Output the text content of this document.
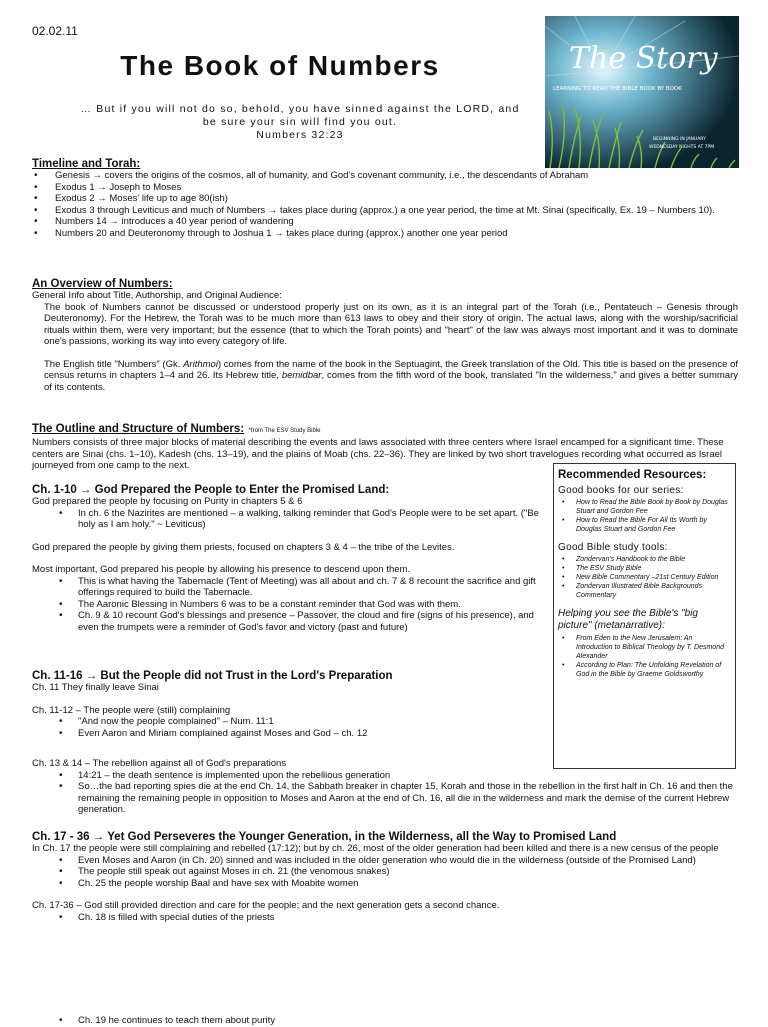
02.02.11
The Book of Numbers
… But if you will not do so, behold, you have sinned against the LORD, and
be sure your sin will find you out.
Numbers 32:23
The Story
LEARNING TO READ THE BIBLE BOOK BY BOOK
BEGINNING IN JANUARY
WEDNESDAY NIGHTS AT 7PM
Timeline and Torah:
• Genesis → covers the origins of the cosmos, all of humanity, and God's covenant community, i.e., the descendants of Abraham
• Exodus 1 → Joseph to Moses
• Exodus 2 → Moses' life up to age 80(ish)
• Exodus 3 through Leviticus and much of Numbers → takes place during (approx.) a one year period, the time at Mt. Sinai (specifically, Ex. 19 – Numbers 10).
• Numbers 14 → introduces a 40 year period of wandering
• Numbers 20 and Deuteronomy through to Joshua 1 → takes place during (approx.) another one year period
An Overview of Numbers:
General Info about Title, Authorship, and Original Audience:
The book of Numbers cannot be discussed or understood properly just on its own, as it is an integral part of the Torah (i.e., Pentateuch – Genesis through Deuteronomy). For the Hebrew, the Torah was to be much more than 613 laws to obey and their story of origin. The actual laws, along with the worship/sacrificial rituals within them, were very important; but the essence (that to which the Torah points) and "heart" of the law was always most important and it was to dominate one's passions, working its way into every category of life.
The English title "Numbers" (Gk. Arithmoi) comes from the name of the book in the Septuagint, the Greek translation of the Old. This title is based on the presence of census returns in chapters 1–4 and 26. Its Hebrew title, bemidbar, comes from the fifth word of the book, translated "In the wilderness," and gives a better summary of its contents.
The Outline and Structure of Numbers: *from The ESV Study Bible
Numbers consists of three major blocks of material describing the events and laws associated with three centers where Israel encamped for a significant time. These centers are Sinai (chs. 1–10), Kadesh (chs. 13–19), and the plains of Moab (chs. 22–36). They are linked by two short travelogues recording what occurred as Israel journeyed from one camp to the next.
Ch. 1-10 → God Prepared the People to Enter the Promised Land:
God prepared the people by focusing on Purity in chapters 5 & 6
• In ch. 6 the Nazirites are mentioned – a walking, talking reminder that God's People were to be set apart. ("Be holy as I am holy." ~ Leviticus)
God prepared the people by giving them priests, focused on chapters 3 & 4 – the tribe of the Levites.
Most important, God prepared his people by allowing his presence to descend upon them.
• This is what having the Tabernacle (Tent of Meeting) was all about and ch. 7 & 8 recount the sacrifice and gift offerings required to build the Tabernacle.
• The Aaronic Blessing in Numbers 6 was to be a constant reminder that God was with them.
• Ch. 9 & 10 recount God's blessings and presence – Passover, the cloud and fire (signs of his presence), and even the trumpets were a reminder of God's favor and victory (past and future)
Ch. 11-16 → But the People did not Trust in the Lord's Preparation
Ch. 11 They finally leave Sinai
Ch. 11-12 – The people were (still) complaining
• "And now the people complained" – Num. 11:1
• Even Aaron and Miriam complained against Moses and God – ch. 12
Ch. 13 & 14 – The rebellion against all of God's preparations
• 14:21 – the death sentence is implemented upon the rebellious generation
• So…the bad reporting spies die at the end Ch. 14, the Sabbath breaker in chapter 15, Korah and those in the rebellion in the first half in Ch. 16 and then the remaining the remaining people in opposition to Moses and Aaron at the end of Ch. 16, all die in the wilderness and mark the demise of the current Hebrew generation.
Ch. 17 - 36 → Yet God Perseveres the Younger Generation, in the Wilderness, all the Way to Promised Land
In Ch. 17 the people were still complaining and rebelled (17:12); but by ch. 26, most of the older generation had been killed and there is a new census of the people
• Even Moses and Aaron (in Ch. 20) sinned and was included in the older generation who would die in the wilderness (outside of the Promised Land)
• The people still speak out against Moses in ch. 21 (the venomous snakes)
• Ch. 25 the people worship Baal and have sex with Moabite women
Ch. 17-36 – God still provided direction and care for the people; and the next generation gets a second chance.
• Ch. 18 is filled with special duties of the priests
• Ch. 19 he continues to teach them about purity
Recommended Resources:
Good books for our series:
• How to Read the Bible Book by Book by Douglas Stuart and Gordon Fee
• How to Read the Bible For All Its Worth by Douglas Stuart and Gordon Fee
Good Bible study tools:
• Zondervan's Handbook to the Bible
• The ESV Study Bible
• New Bible Commentary –21st Century Edition
• Zondervan Illustrated Bible Backgrounds Commentary
Helping you see the Bible's "big picture" (metanarrative):
• From Eden to the New Jerusalem: An Introduction to Biblical Theology by T. Desmond Alexander
• According to Plan: The Unfolding Revelation of God in the Bible by Graeme Goldsworthy
